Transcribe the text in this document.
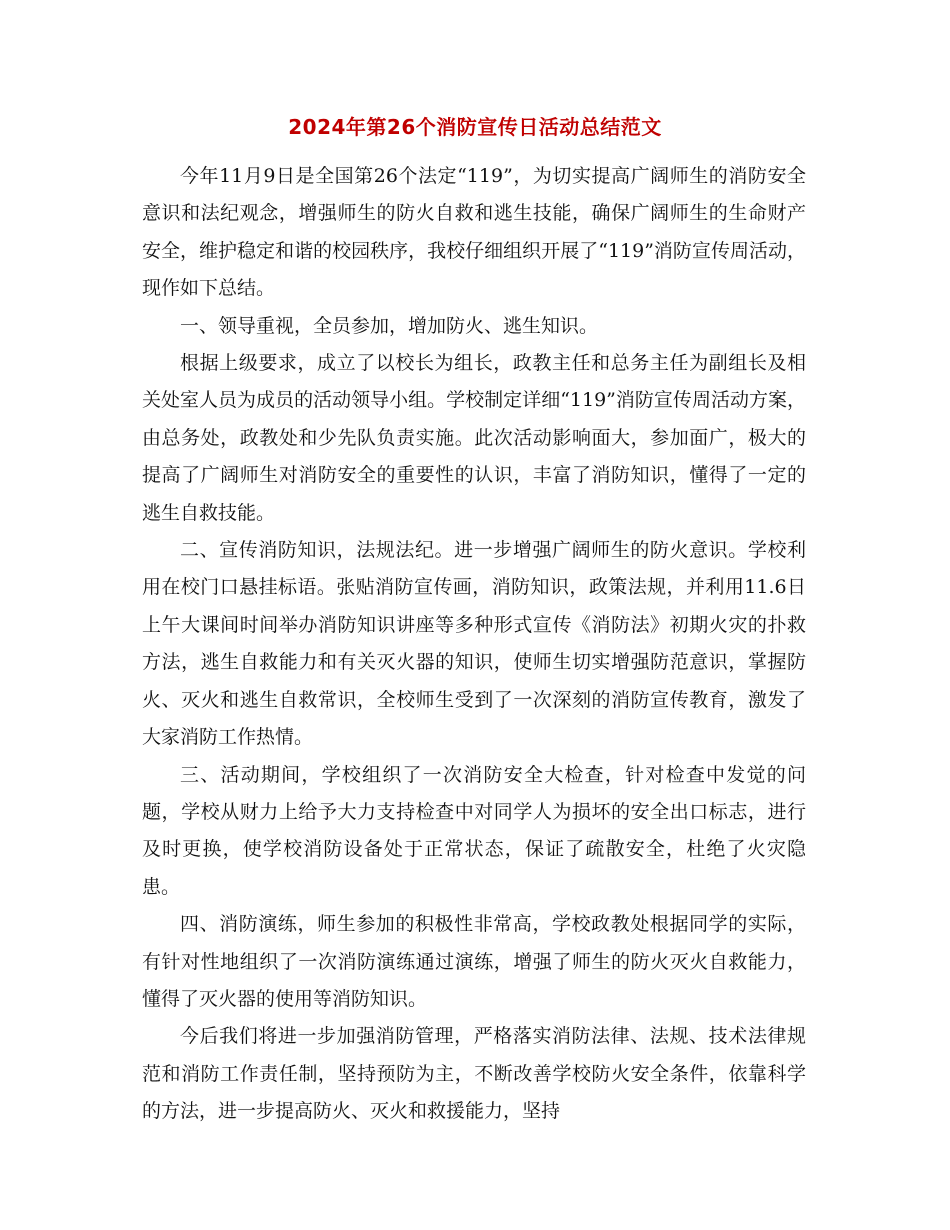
2024年第26个消防宣传日活动总结范文

今年11月9日是全国第26个法定“119”，为切实提高广阔师生的消防安全意识和法纪观念，增强师生的防火自救和逃生技能，确保广阔师生的生命财产安全，维护稳定和谐的校园秩序，我校仔细组织开展了“119”消防宣传周活动，现作如下总结。

一、领导重视，全员参加，增加防火、逃生知识。

根据上级要求，成立了以校长为组长，政教主任和总务主任为副组长及相关处室人员为成员的活动领导小组。学校制定详细“119”消防宣传周活动方案，由总务处，政教处和少先队负责实施。此次活动影响面大，参加面广，极大的提高了广阔师生对消防安全的重要性的认识，丰富了消防知识，懂得了一定的逃生自救技能。

二、宣传消防知识，法规法纪。进一步增强广阔师生的防火意识。学校利用在校门口悬挂标语。张贴消防宣传画，消防知识，政策法规，并利用11.6日上午大课间时间举办消防知识讲座等多种形式宣传《消防法》初期火灾的扑救方法，逃生自救能力和有关灭火器的知识，使师生切实增强防范意识，掌握防火、灭火和逃生自救常识，全校师生受到了一次深刻的消防宣传教育，激发了大家消防工作热情。

三、活动期间，学校组织了一次消防安全大检查，针对检查中发觉的问题，学校从财力上给予大力支持检查中对同学人为损坏的安全出口标志，进行及时更换，使学校消防设备处于正常状态，保证了疏散安全，杜绝了火灾隐患。

四、消防演练，师生参加的积极性非常高，学校政教处根据同学的实际，有针对性地组织了一次消防演练通过演练，增强了师生的防火灭火自救能力，懂得了灭火器的使用等消防知识。

今后我们将进一步加强消防管理，严格落实消防法律、法规、技术法律规范和消防工作责任制，坚持预防为主，不断改善学校防火安全条件，依靠科学的方法，进一步提高防火、灭火和救援能力，坚持
